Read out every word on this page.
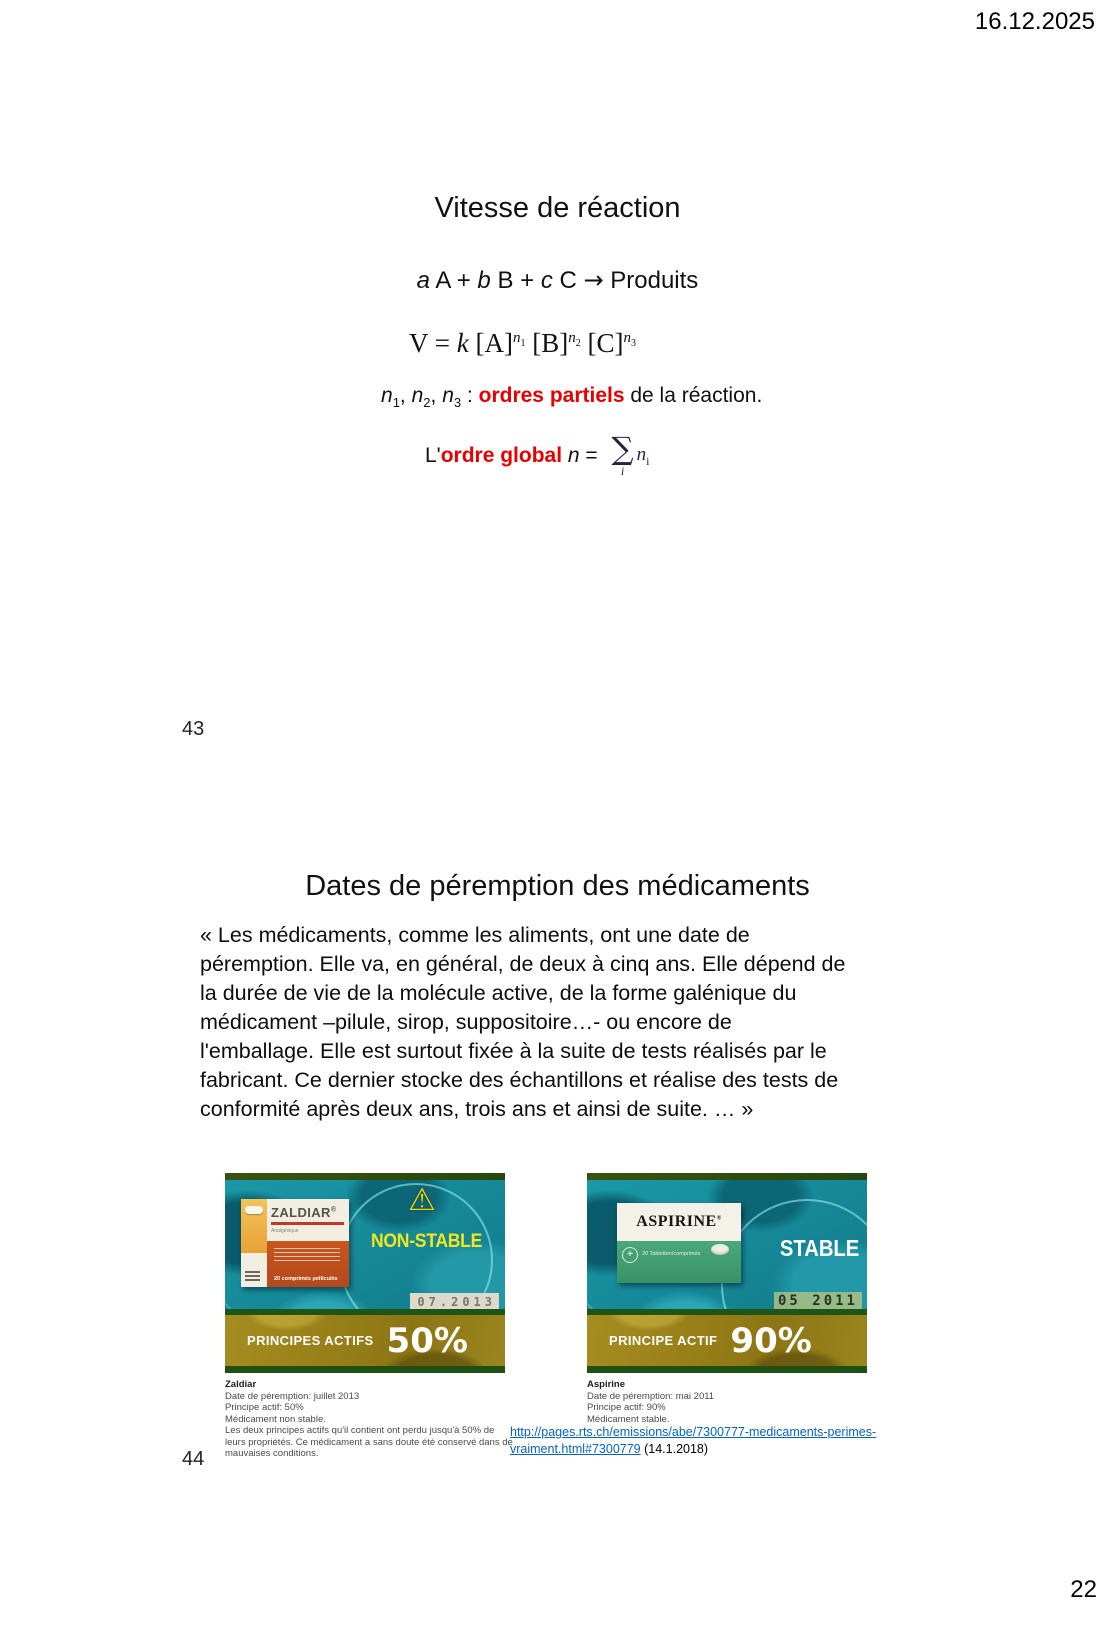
16.12.2025
Vitesse de réaction
a A + b B + c C → Produits
V = k $[A]^{n_1}$ $[B]^{n_2}$ $[C]^{n_3}$
$n_1$, $n_2$, $n_3$ : ordres partiels de la réaction.
L' ordre global
n = ∑
i
$n_i$
43
Dates de péremption des médicaments
« Les médicaments, comme les aliments, ont une date de
péremption. Elle va, en général, de deux à cinq ans. Elle dépend de
la durée de vie de la molécule active, de la forme galénique du
médicament –pilule, sirop, suppositoire…- ou encore de
l'emballage. Elle est surtout fixée à la suite de tests réalisés par le
fabricant. Ce dernier stocke des échantillons et réalise des tests de
conformité après deux ans, trois ans et ainsi de suite. … »
ZALDIAR®
Analgésique
20 comprimés pelliculés
⚠
NON-STABLE
07.2013
PRINCIPES ACTIFS 50%
ASPIRINE®
+	20 Tabletten/comprimés	STABLE
05 2011
PRINCIPE ACTIF 90%
Zaldiar
Date de péremption: juillet 2013
Principe actif: 50%
Médicament non stable.
Les deux principes actifs qu'il contient ont perdu jusqu'à 50% de leurs propriétés. Ce médicament a sans doute été conservé dans de mauvaises conditions.
Aspirine
Date de péremption: mai 2011
Principe actif: 90%
Médicament stable.
http://pages.rts.ch/emissions/abe/7300777-medicaments-perimes-vraiment.html#7300779 (14.1.2018)
44
22
